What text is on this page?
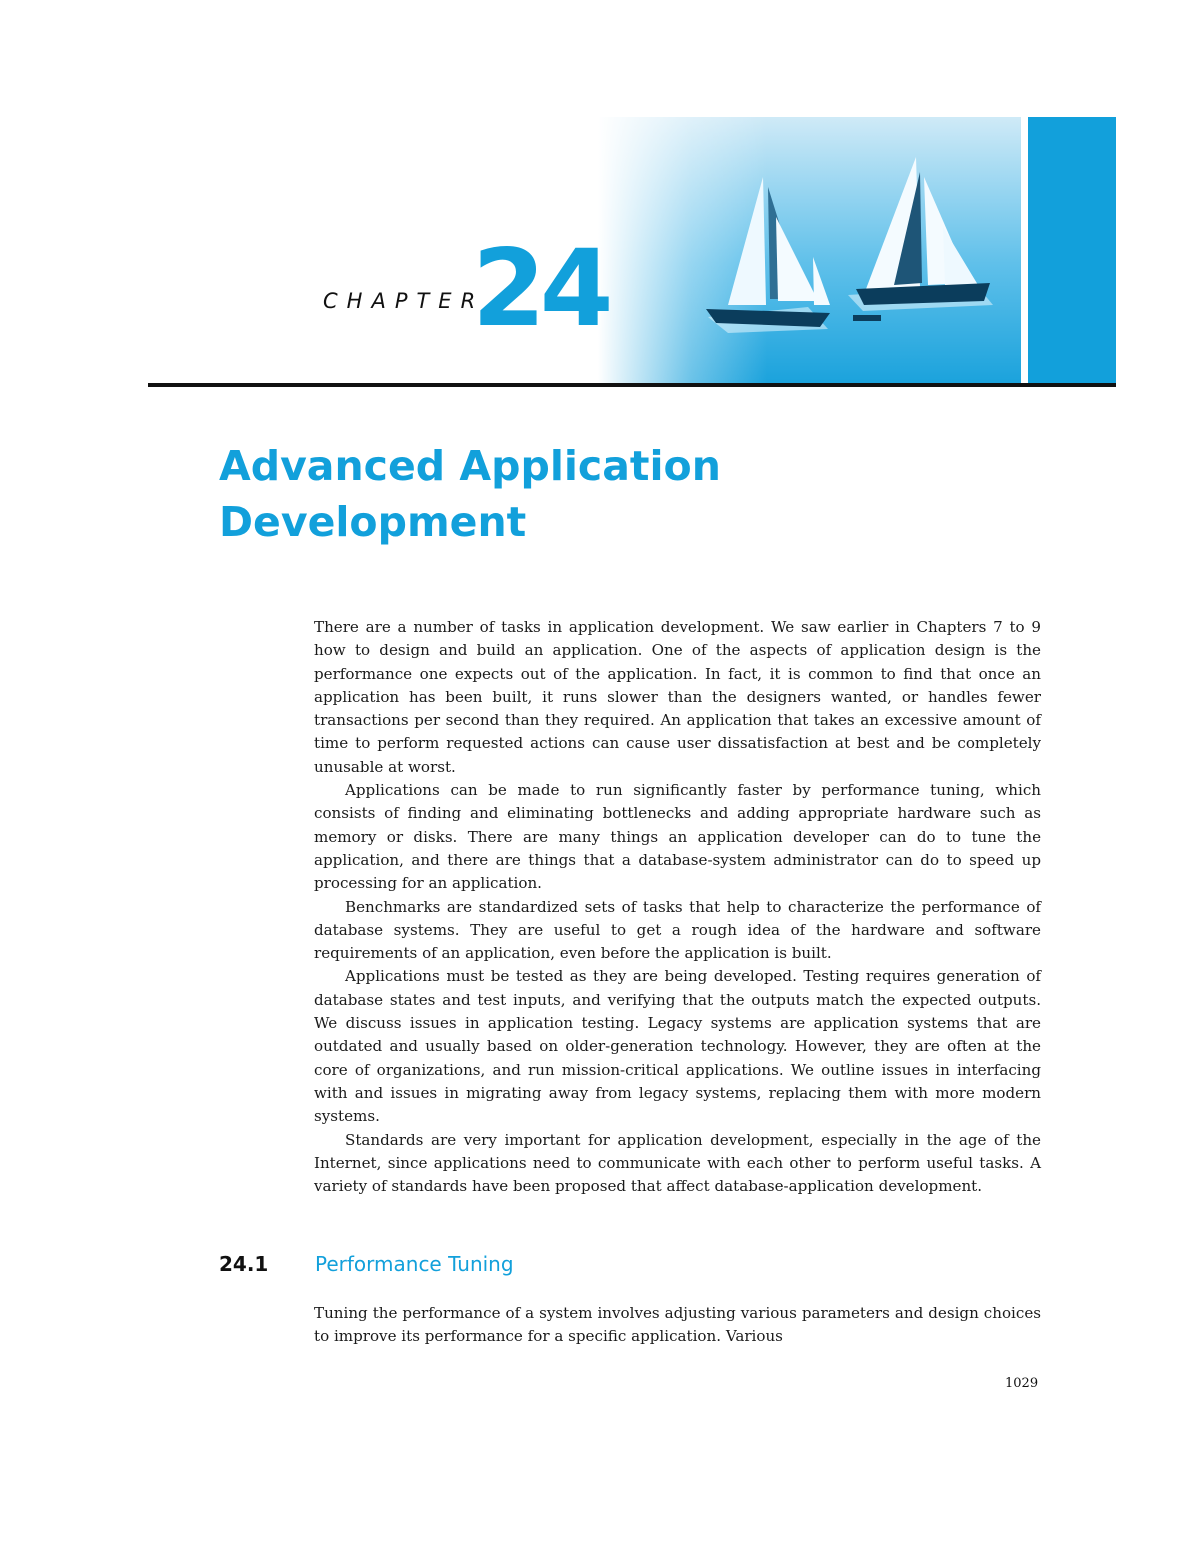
CHAPTER
24
Advanced Application
Development

There are a number of tasks in application development. We saw earlier in Chapters 7 to 9 how to design and build an application. One of the aspects of application design is the performance one expects out of the application. In fact, it is common to find that once an application has been built, it runs slower than the designers wanted, or handles fewer transactions per second than they required. An application that takes an excessive amount of time to perform requested actions can cause user dissatisfaction at best and be completely unusable at worst.

Applications can be made to run significantly faster by performance tuning, which consists of finding and eliminating bottlenecks and adding appropriate hardware such as memory or disks. There are many things an application developer can do to tune the application, and there are things that a database-system administrator can do to speed up processing for an application.

Benchmarks are standardized sets of tasks that help to characterize the performance of database systems. They are useful to get a rough idea of the hardware and software requirements of an application, even before the application is built.

Applications must be tested as they are being developed. Testing requires generation of database states and test inputs, and verifying that the outputs match the expected outputs. We discuss issues in application testing. Legacy systems are application systems that are outdated and usually based on older-generation technology. However, they are often at the core of organizations, and run mission-critical applications. We outline issues in interfacing with and issues in migrating away from legacy systems, replacing them with more modern systems.

Standards are very important for application development, especially in the age of the Internet, since applications need to communicate with each other to perform useful tasks. A variety of standards have been proposed that affect database-application development.

24.1 Performance Tuning

Tuning the performance of a system involves adjusting various parameters and design choices to improve its performance for a specific application. Various

1029
